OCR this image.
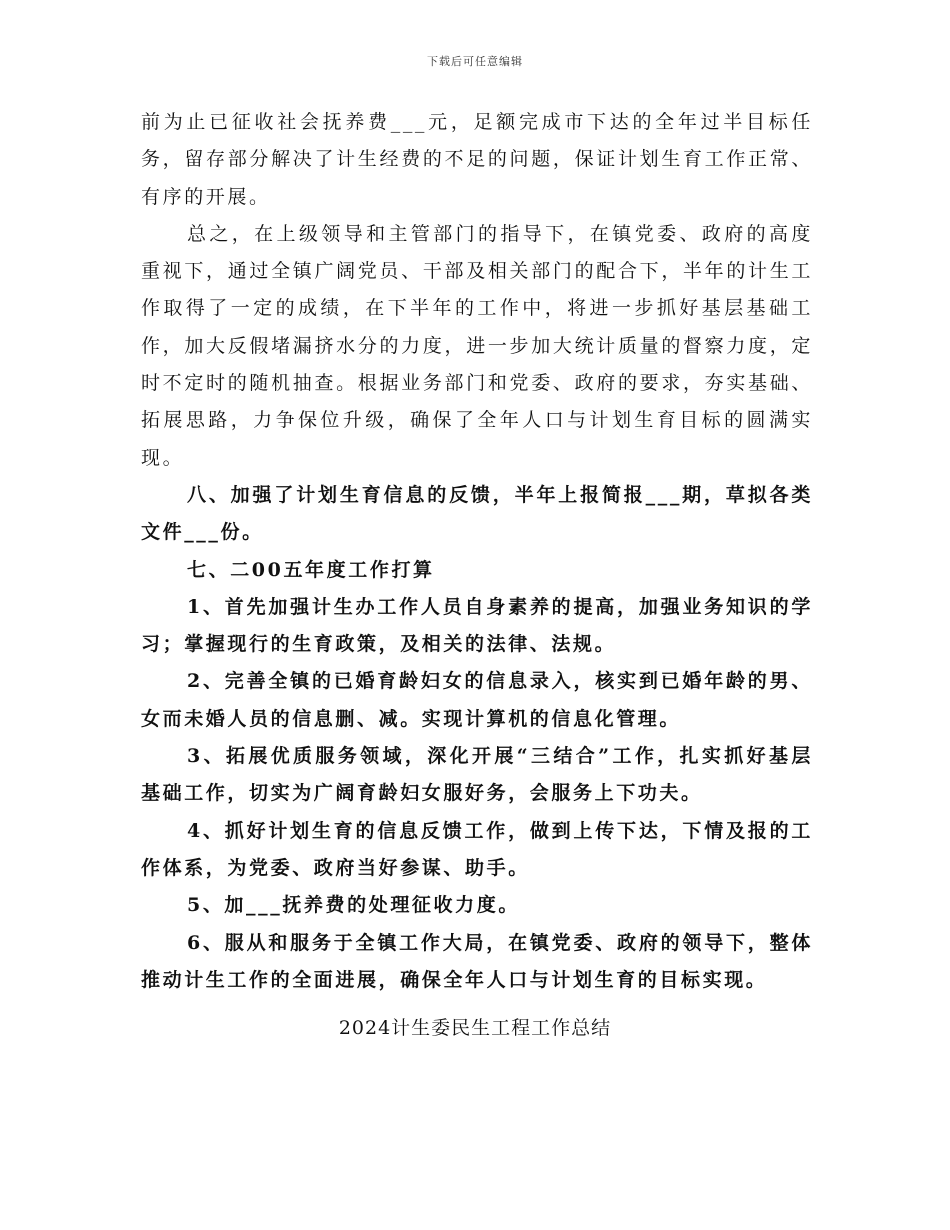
下载后可任意编辑

前为止已征收社会抚养费___元，足额完成市下达的全年过半目标任务，留存部分解决了计生经费的不足的问题，保证计划生育工作正常、有序的开展。

总之，在上级领导和主管部门的指导下，在镇党委、政府的高度重视下，通过全镇广阔党员、干部及相关部门的配合下，半年的计生工作取得了一定的成绩，在下半年的工作中，将进一步抓好基层基础工作，加大反假堵漏挤水分的力度，进一步加大统计质量的督察力度，定时不定时的随机抽查。根据业务部门和党委、政府的要求，夯实基础、拓展思路，力争保位升级，确保了全年人口与计划生育目标的圆满实现。

八、加强了计划生育信息的反馈，半年上报简报___期，草拟各类文件___份。

七、二00五年度工作打算

1、首先加强计生办工作人员自身素养的提高，加强业务知识的学习；掌握现行的生育政策，及相关的法律、法规。

2、完善全镇的已婚育龄妇女的信息录入，核实到已婚年龄的男、女而未婚人员的信息删、减。实现计算机的信息化管理。

3、拓展优质服务领域，深化开展“三结合”工作，扎实抓好基层基础工作，切实为广阔育龄妇女服好务，会服务上下功夫。

4、抓好计划生育的信息反馈工作，做到上传下达，下情及报的工作体系，为党委、政府当好参谋、助手。

5、加___抚养费的处理征收力度。

6、服从和服务于全镇工作大局，在镇党委、政府的领导下，整体推动计生工作的全面进展，确保全年人口与计划生育的目标实现。

2024计生委民生工程工作总结
